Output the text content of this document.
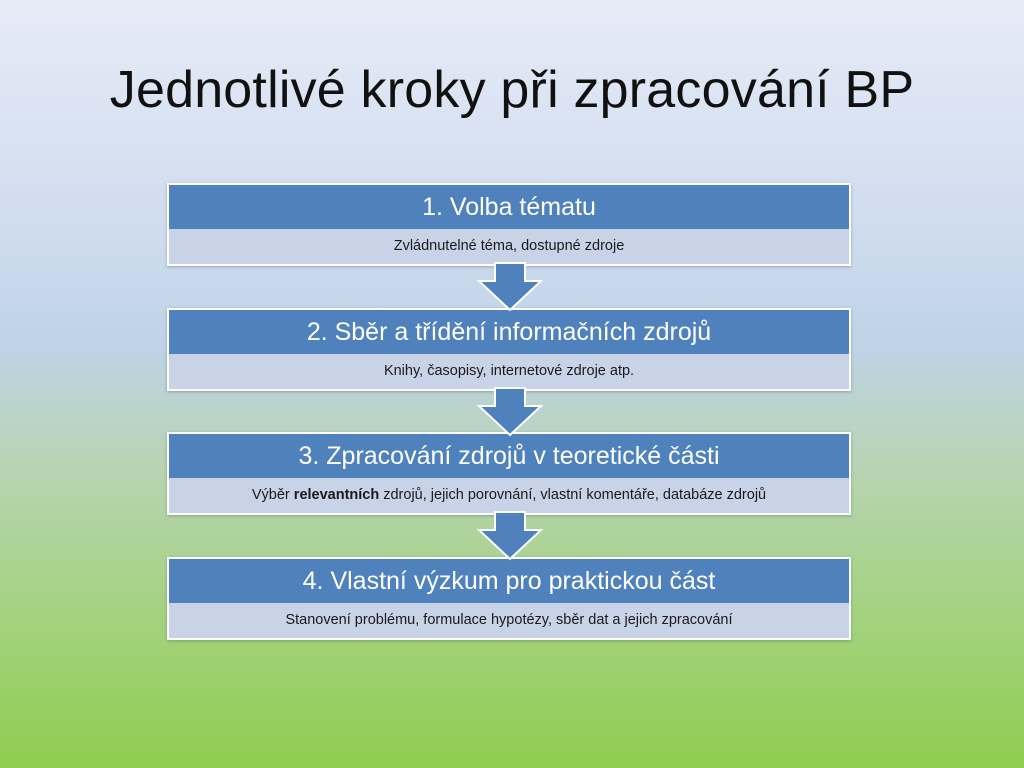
Jednotlivé kroky při zpracování BP
1. Volba tématu
Zvládnutelné téma, dostupné zdroje
2. Sběr a třídění informačních zdrojů
Knihy, časopisy, internetové zdroje atp.
3. Zpracování zdrojů v teoretické části
Výběr relevantních zdrojů, jejich porovnání, vlastní komentáře, databáze zdrojů
4. Vlastní výzkum pro praktickou část
Stanovení problému, formulace hypotézy, sběr dat a jejich zpracování
